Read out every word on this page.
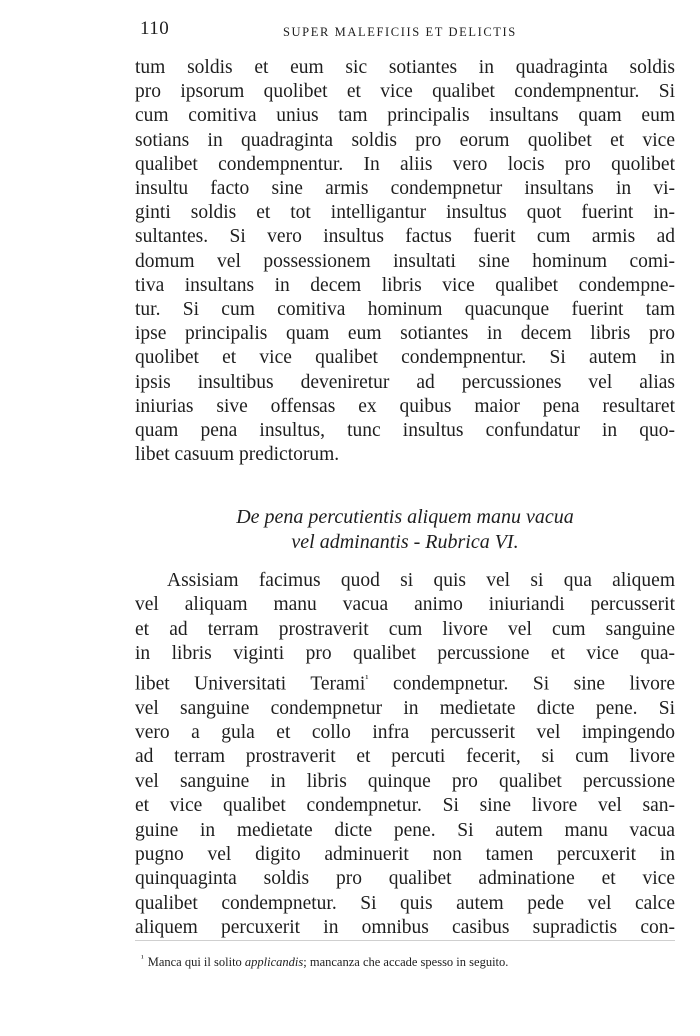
110	SUPER MALEFICIIS ET DELICTIS
tum soldis et eum sic sotiantes in quadraginta soldis
pro ipsorum quolibet et vice qualibet condempnentur. Si
cum comitiva unius tam principalis insultans quam eum
sotians in quadraginta soldis pro eorum quolibet et vice
qualibet condempnentur. In aliis vero locis pro quolibet
insultu facto sine armis condempnetur insultans in vi-
ginti soldis et tot intelligantur insultus quot fuerint in-
sultantes. Si vero insultus factus fuerit cum armis ad
domum vel possessionem insultati sine hominum comi-
tiva insultans in decem libris vice qualibet condempne-
tur. Si cum comitiva hominum quacunque fuerint tam
ipse principalis quam eum sotiantes in decem libris pro
quolibet et vice qualibet condempnentur. Si autem in
ipsis insultibus deveniretur ad percussiones vel alias
iniurias sive offensas ex quibus maior pena resultaret
quam pena insultus, tunc insultus confundatur in quo-
libet casuum predictorum.
De pena percutientis aliquem manu vacua
vel adminantis - Rubrica VI.
Assisiam facimus quod si quis vel si qua aliquem
vel aliquam manu vacua animo iniuriandi percusserit
et ad terram prostraverit cum livore vel cum sanguine
in libris viginti pro qualibet percussione et vice qua-
libet Universitati Terami$^{^1}$ condempnetur. Si sine livore
vel sanguine condempnetur in medietate dicte pene. Si
vero a gula et collo infra percusserit vel impingendo
ad terram prostraverit et percuti fecerit, si cum livore
vel sanguine in libris quinque pro qualibet percussione
et vice qualibet condempnetur. Si sine livore vel san-
guine in medietate dicte pene. Si autem manu vacua
pugno vel digito adminuerit non tamen percuxerit in
quinquaginta soldis pro qualibet adminatione et vice
qualibet condempnetur. Si quis autem pede vel calce
aliquem percuxerit in omnibus casibus supradictis con-

$^{^1}$ Manca qui il solito applicandis; mancanza che accade spesso in seguito.
